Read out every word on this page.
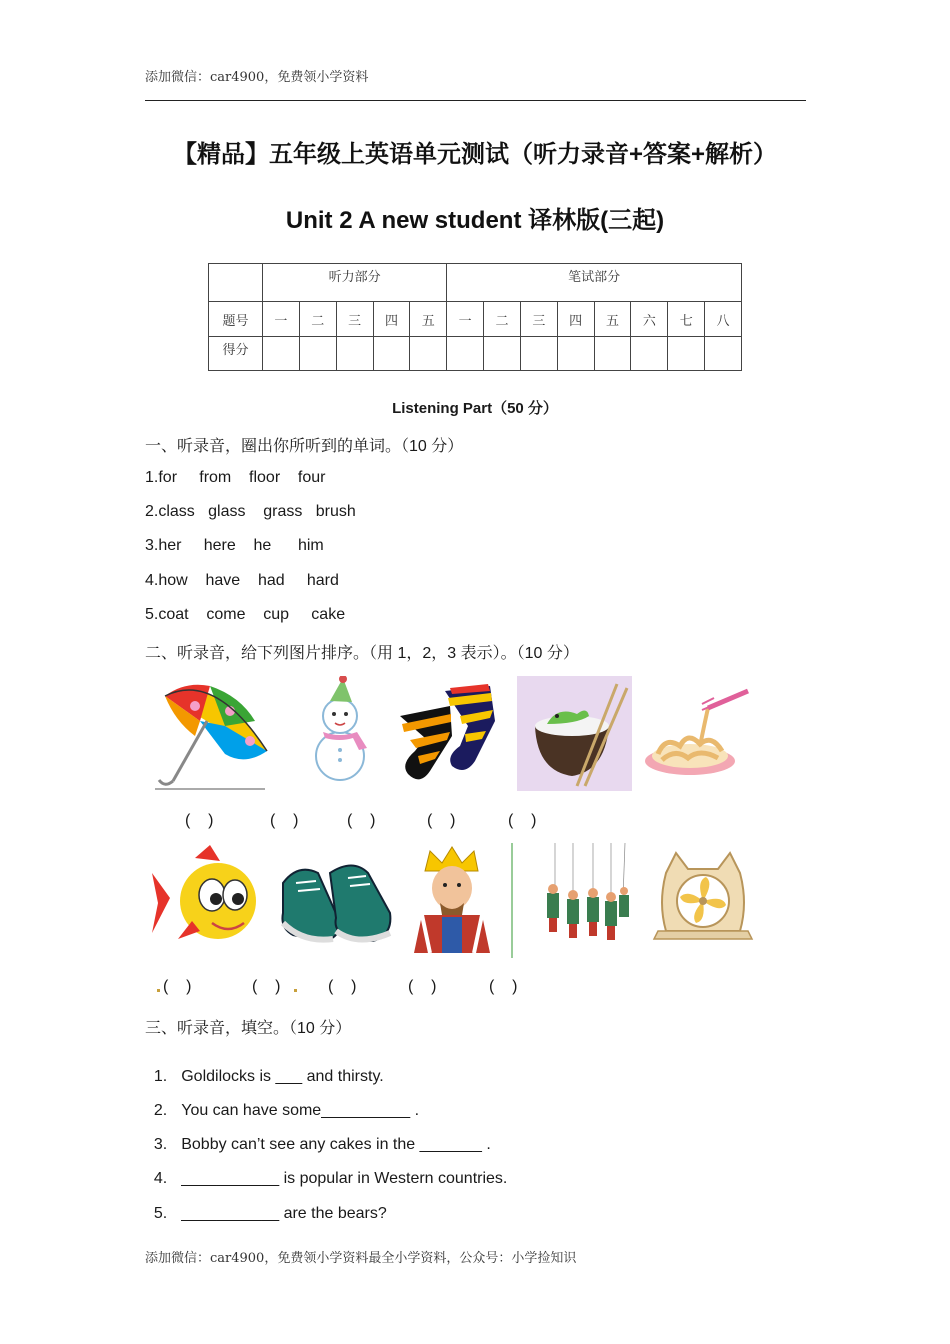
添加微信：car4900，免费领小学资料
【精品】五年级上英语单元测试（听力录音+答案+解析）
Unit 2 A new student 译林版(三起)
	听力部分					笔试部分							
题号	一	二	三	四	五	一	二	三	四	五	六	七	八
得分													
Listening Part（50 分）
一、听录音，圈出你所听到的单词。（10 分）
1.for     from    floor    four
2.class   glass    grass   brush
3.her     here    he      him
4.how    have    had     hard
5.coat    come    cup     cake
二、听录音，给下列图片排序。（用 1，2，3 表示）。（10 分）
(    )	(    )	(    )	(    )	(    )
(    )	(    )	(    )	(    )	(    )
三、听录音，填空。（10 分）

1. Goldilocks is ___ and thirsty.

2. You can have some__________ .

3. Bobby can’t see any cakes in the _______ .

4. ___________ is popular in Western countries.

5. ___________ are the bears?

添加微信：car4900，免费领小学资料最全小学资料，公众号：小学捡知识
